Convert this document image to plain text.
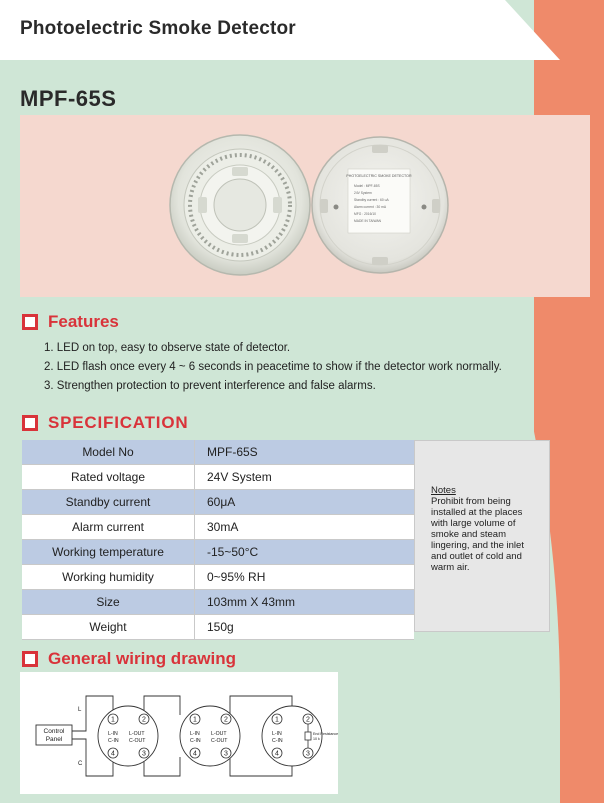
Photoelectric Smoke Detector
MPF-65S
PHOTOELECTRIC SMOKE DETECTOR
Model : MPF-65S
24V System
Standby current : 60 uA
Alarm current : 30 mA
MFG : 2016/10
MADE IN TAIWAN
Features
1. LED on top, easy to observe state of detector.
2. LED flash once every 4 ~ 6 seconds in peacetime to show if the detector work normally.
3. Strengthen protection to prevent interference and false alarms.
SPECIFICATION
Model No	MPF-65S
Rated voltage	24V System
Standby current	60μA
Alarm current	30mA
Working temperature	-15~50°C
Working humidity	0~95% RH
Size	103mm X 43mm
Weight	150g
Notes
Prohibit from being installed at the places with large volume of smoke and steam lingering, and the inlet and outlet of cold and warm air.
General wiring drawing
Control
Panel
L
C
1	2
3
4
L-IN
C-IN
L-OUT
C-OUT
1	2
3
4
L-IN
C-IN
L-OUT
C-OUT
1	2
3
4
L-IN
C-IN
End Resistance
10 k
